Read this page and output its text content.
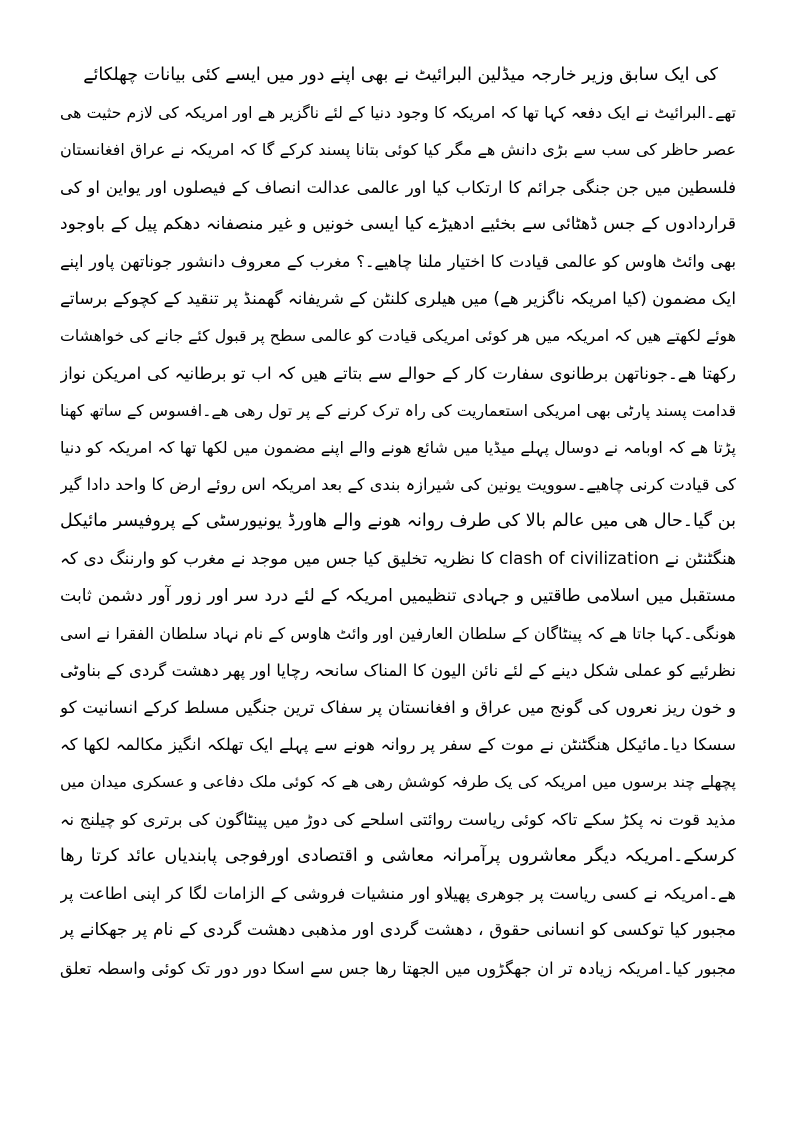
کی ایک سابق وزیر خارجہ میڈلین البرائیٹ نے بھی اپنے دور میں ایسے کئی بیانات چھلکائے
تھے۔البرائیٹ نے ایک دفعہ کہا تھا کہ امریکہ کا وجود دنیا کے لئے ناگزیر ھے اور امریکہ کی لازم حثیت ھی
عصر حاظر کی سب سے بڑی دانش ھے مگر کیا کوئی بتانا پسند کرکے گا کہ امریکہ نے عراق افغانستان
فلسطین میں جن جنگی جرائم کا ارتکاب کیا اور عالمی عدالت انصاف کے فیصلوں اور یواین او کی
قراردادوں کے جس ڈھٹائی سے بخئیے ادھیڑے کیا ایسی خونیں و غیر منصفانہ دھکم پیل کے باوجود
بھی وائٹ ھاوس کو عالمی قیادت کا اختیار ملنا چاھیے۔؟ مغرب کے معروف دانشور جوناتھن پاور اپنے
ایک مضمون (کیا امریکہ ناگزیر ھے) میں ھیلری کلنٹن کے شریفانہ گھمنڈ پر تنقید کے کچوکے برساتے
ھوئے لکھتے ھیں کہ امریکہ میں ھر کوئی امریکی قیادت کو عالمی سطح پر قبول کئے جانے کی خواھشات
رکھتا ھے۔جوناتھن برطانوی سفارت کار کے حوالے سے بتاتے ھیں کہ اب تو برطانیہ کی امریکن نواز
قدامت پسند پارٹی بھی امریکی استعماریت کی راہ ترک کرنے کے پر تول رھی ھے۔افسوس کے ساتھ کھنا
پڑتا ھے کہ اوبامہ نے دوسال پہلے میڈیا میں شائع ھونے والے اپنے مضمون میں لکھا تھا کہ امریکہ کو دنیا
کی قیادت کرنی چاھیے۔سوویت یونین کی شیرازہ بندی کے بعد امریکہ اس روئے ارض کا واحد دادا گیر
بن گیا۔حال ھی میں عالم بالا کی طرف روانہ ھونے والے ھاورڈ یونیورسٹی کے پروفیسر مائیکل
ھنگٹنٹن نے clash of civilization کا نظریہ تخلیق کیا جس میں موجد نے مغرب کو وارننگ دی کہ
مستقبل میں اسلامی طاقتیں و جہادی تنظیمیں امریکہ کے لئے درد سر اور زور آور دشمن ثابت
ھونگی۔کہا جاتا ھے کہ پینٹاگان کے سلطان العارفین اور وائٹ ھاوس کے نام نہاد سلطان الفقرا نے اسی
نظرئیے کو عملی شکل دینے کے لئے نائن الیون کا المناک سانحہ رچایا اور پھر دھشت گردی کے بناوٹی
و خون ریز نعروں کی گونج میں عراق و افغانستان پر سفاک ترین جنگیں مسلط کرکے انسانیت کو
سسکا دیا۔مائیکل ھنگٹنٹن نے موت کے سفر پر روانہ ھونے سے پہلے ایک تھلکہ انگیز مکالمہ لکھا کہ
پچھلے چند برسوں میں امریکہ کی یک طرفہ کوشش رھی ھے کہ کوئی ملک دفاعی و عسکری میدان میں
مذید قوت نہ پکڑ سکے تاکہ کوئی ریاست روائتی اسلحے کی دوڑ میں پینٹاگون کی برتری کو چیلنج نہ
کرسکے۔امریکہ دیگر معاشروں پرآمرانہ معاشی و اقتصادی اورفوجی پابندیاں عائد کرتا رھا
ھے۔امریکہ نے کسی ریاست پر جوھری پھیلاو اور منشیات فروشی کے الزامات لگا کر اپنی اطاعت پر
مجبور کیا توکسی کو انسانی حقوق ، دھشت گردی اور مذھبی دھشت گردی کے نام پر جھکانے پر
مجبور کیا۔امریکہ زیادہ تر ان جھگڑوں میں الجھتا رھا جس سے اسکا دور دور تک کوئی واسطہ تعلق
